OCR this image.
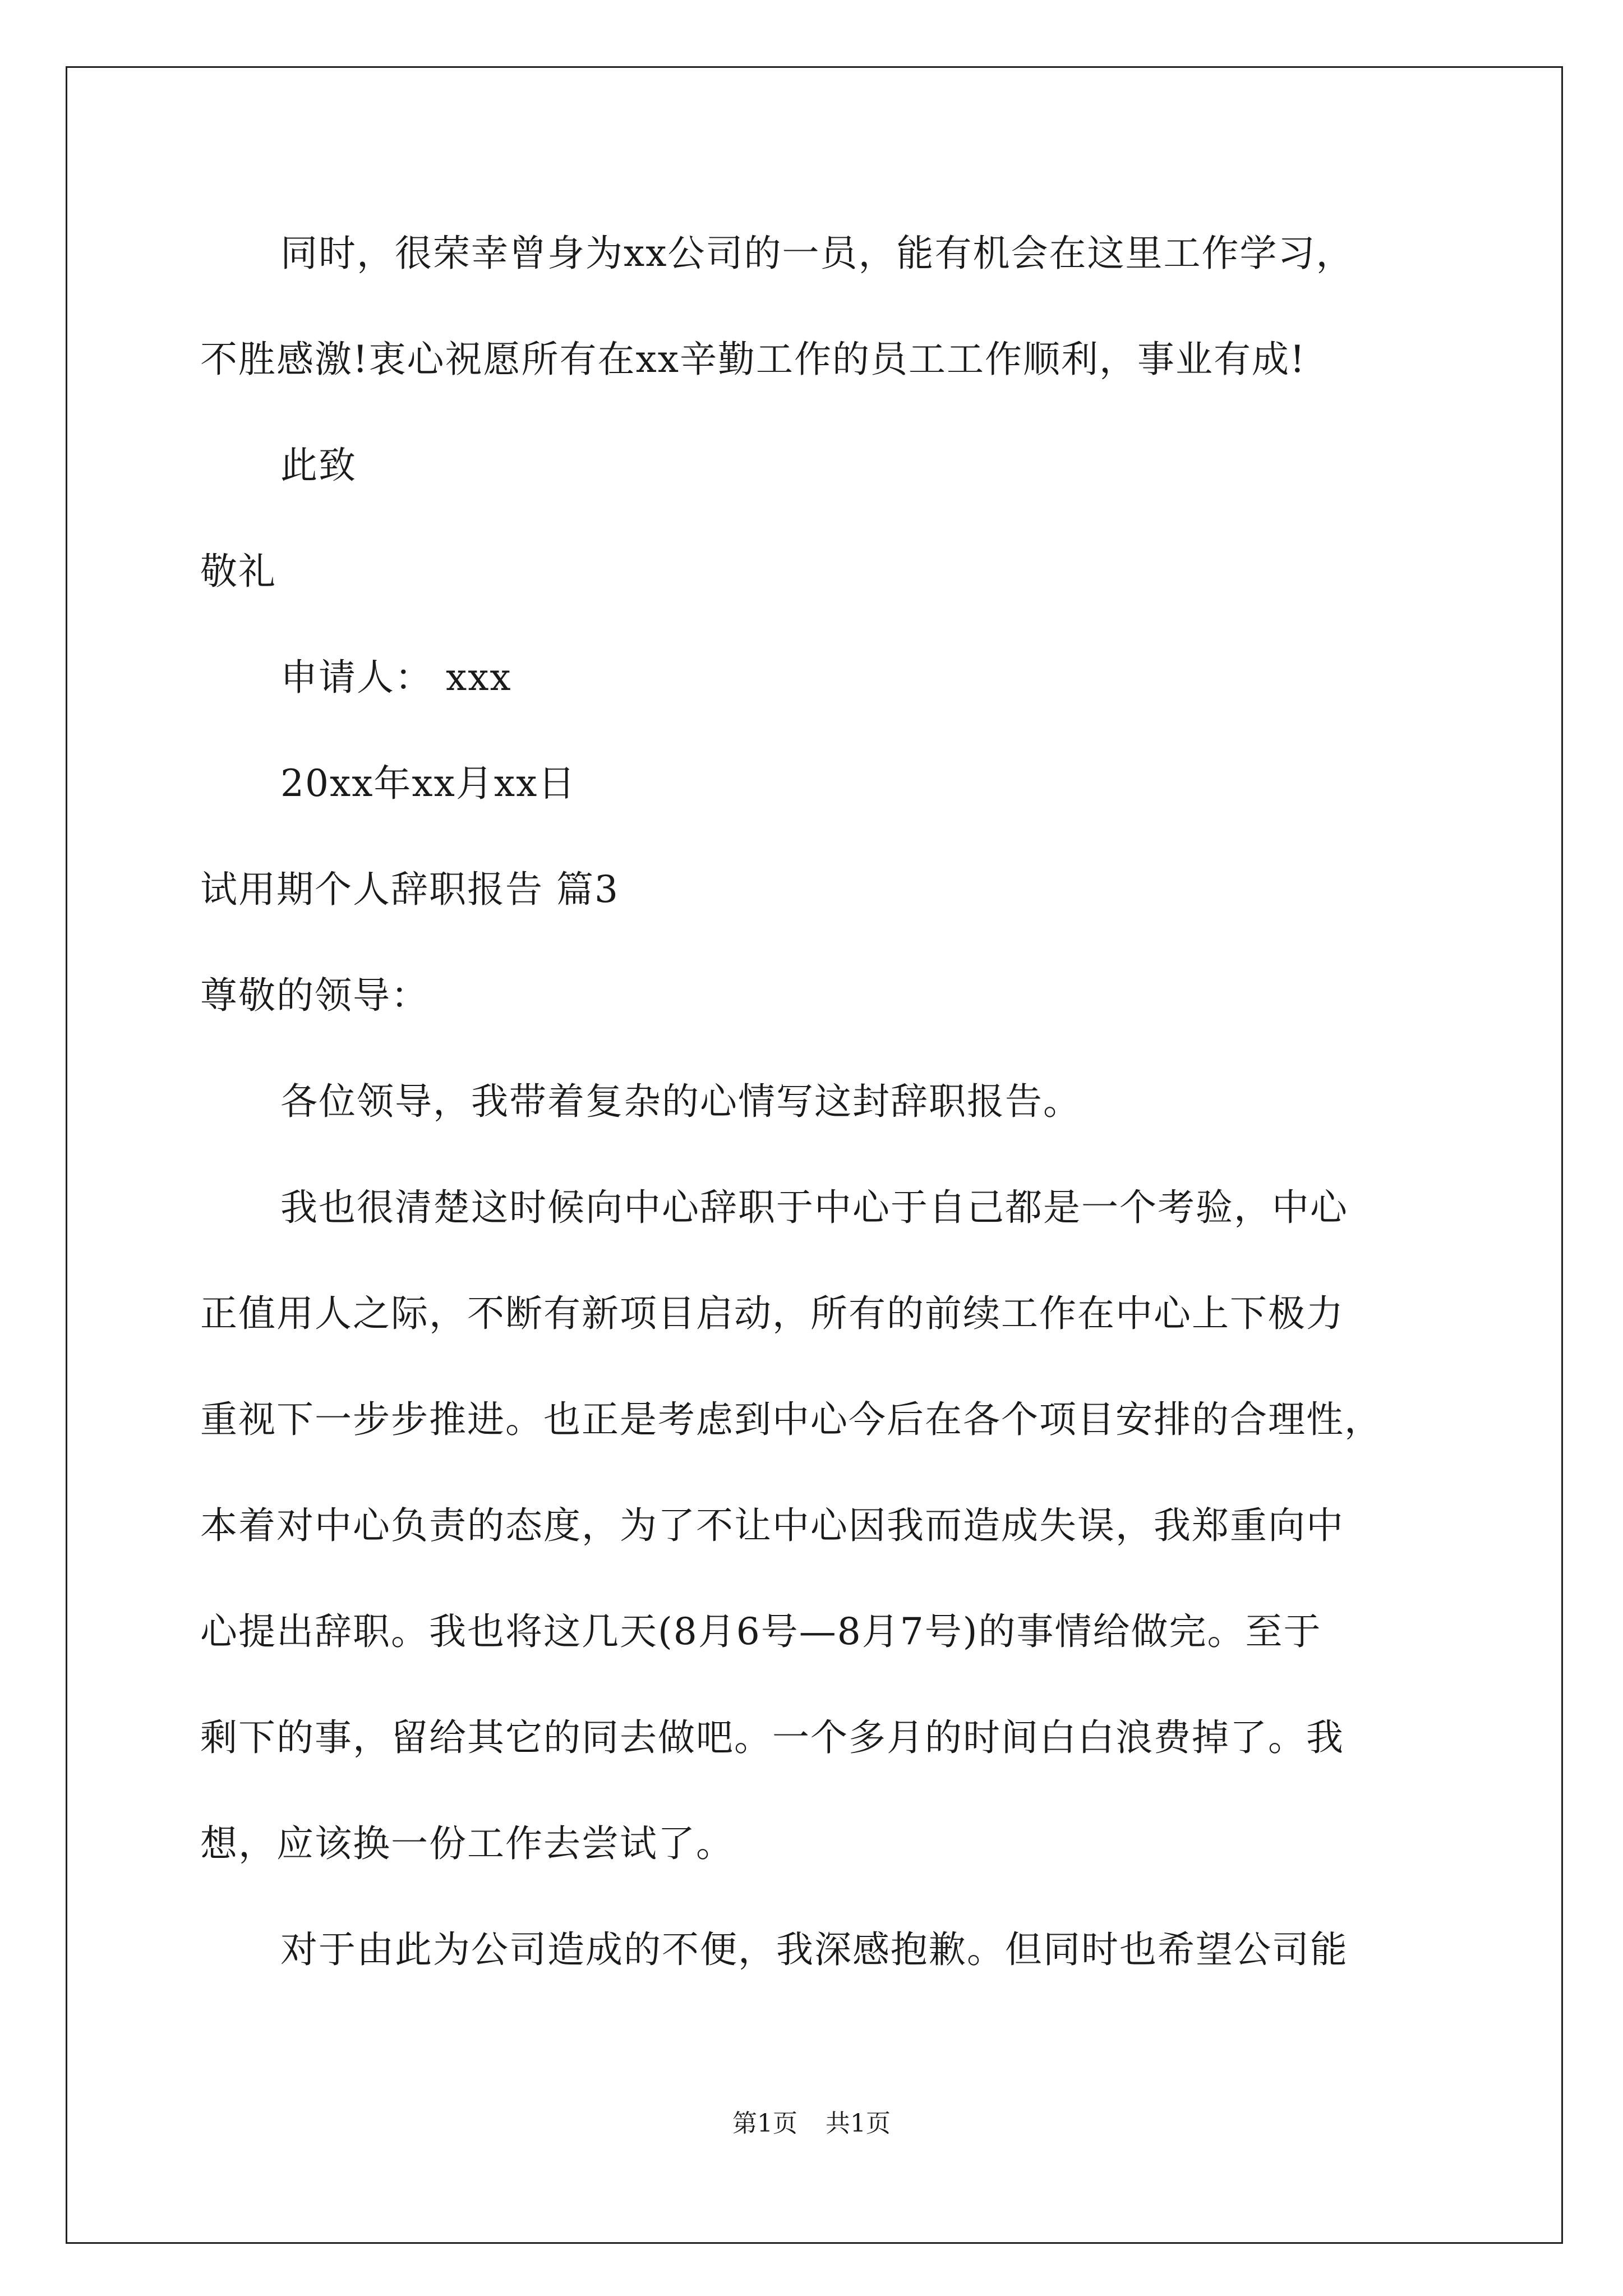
同时，很荣幸曾身为xx公司的一员，能有机会在这里工作学习，
不胜感激!衷心祝愿所有在xx辛勤工作的员工工作顺利，事业有成!
此致
敬礼
申请人： xxx
20xx年xx月xx日
试用期个人辞职报告 篇3
尊敬的领导：
各位领导，我带着复杂的心情写这封辞职报告。
我也很清楚这时候向中心辞职于中心于自己都是一个考验，中心
正值用人之际，不断有新项目启动，所有的前续工作在中心上下极力
重视下一步步推进。也正是考虑到中心今后在各个项目安排的合理性，
本着对中心负责的态度，为了不让中心因我而造成失误，我郑重向中
心提出辞职。我也将这几天(8月6号—8月7号)的事情给做完。至于
剩下的事，留给其它的同去做吧。一个多月的时间白白浪费掉了。我
想，应该换一份工作去尝试了。
对于由此为公司造成的不便，我深感抱歉。但同时也希望公司能
第1页 共1页
